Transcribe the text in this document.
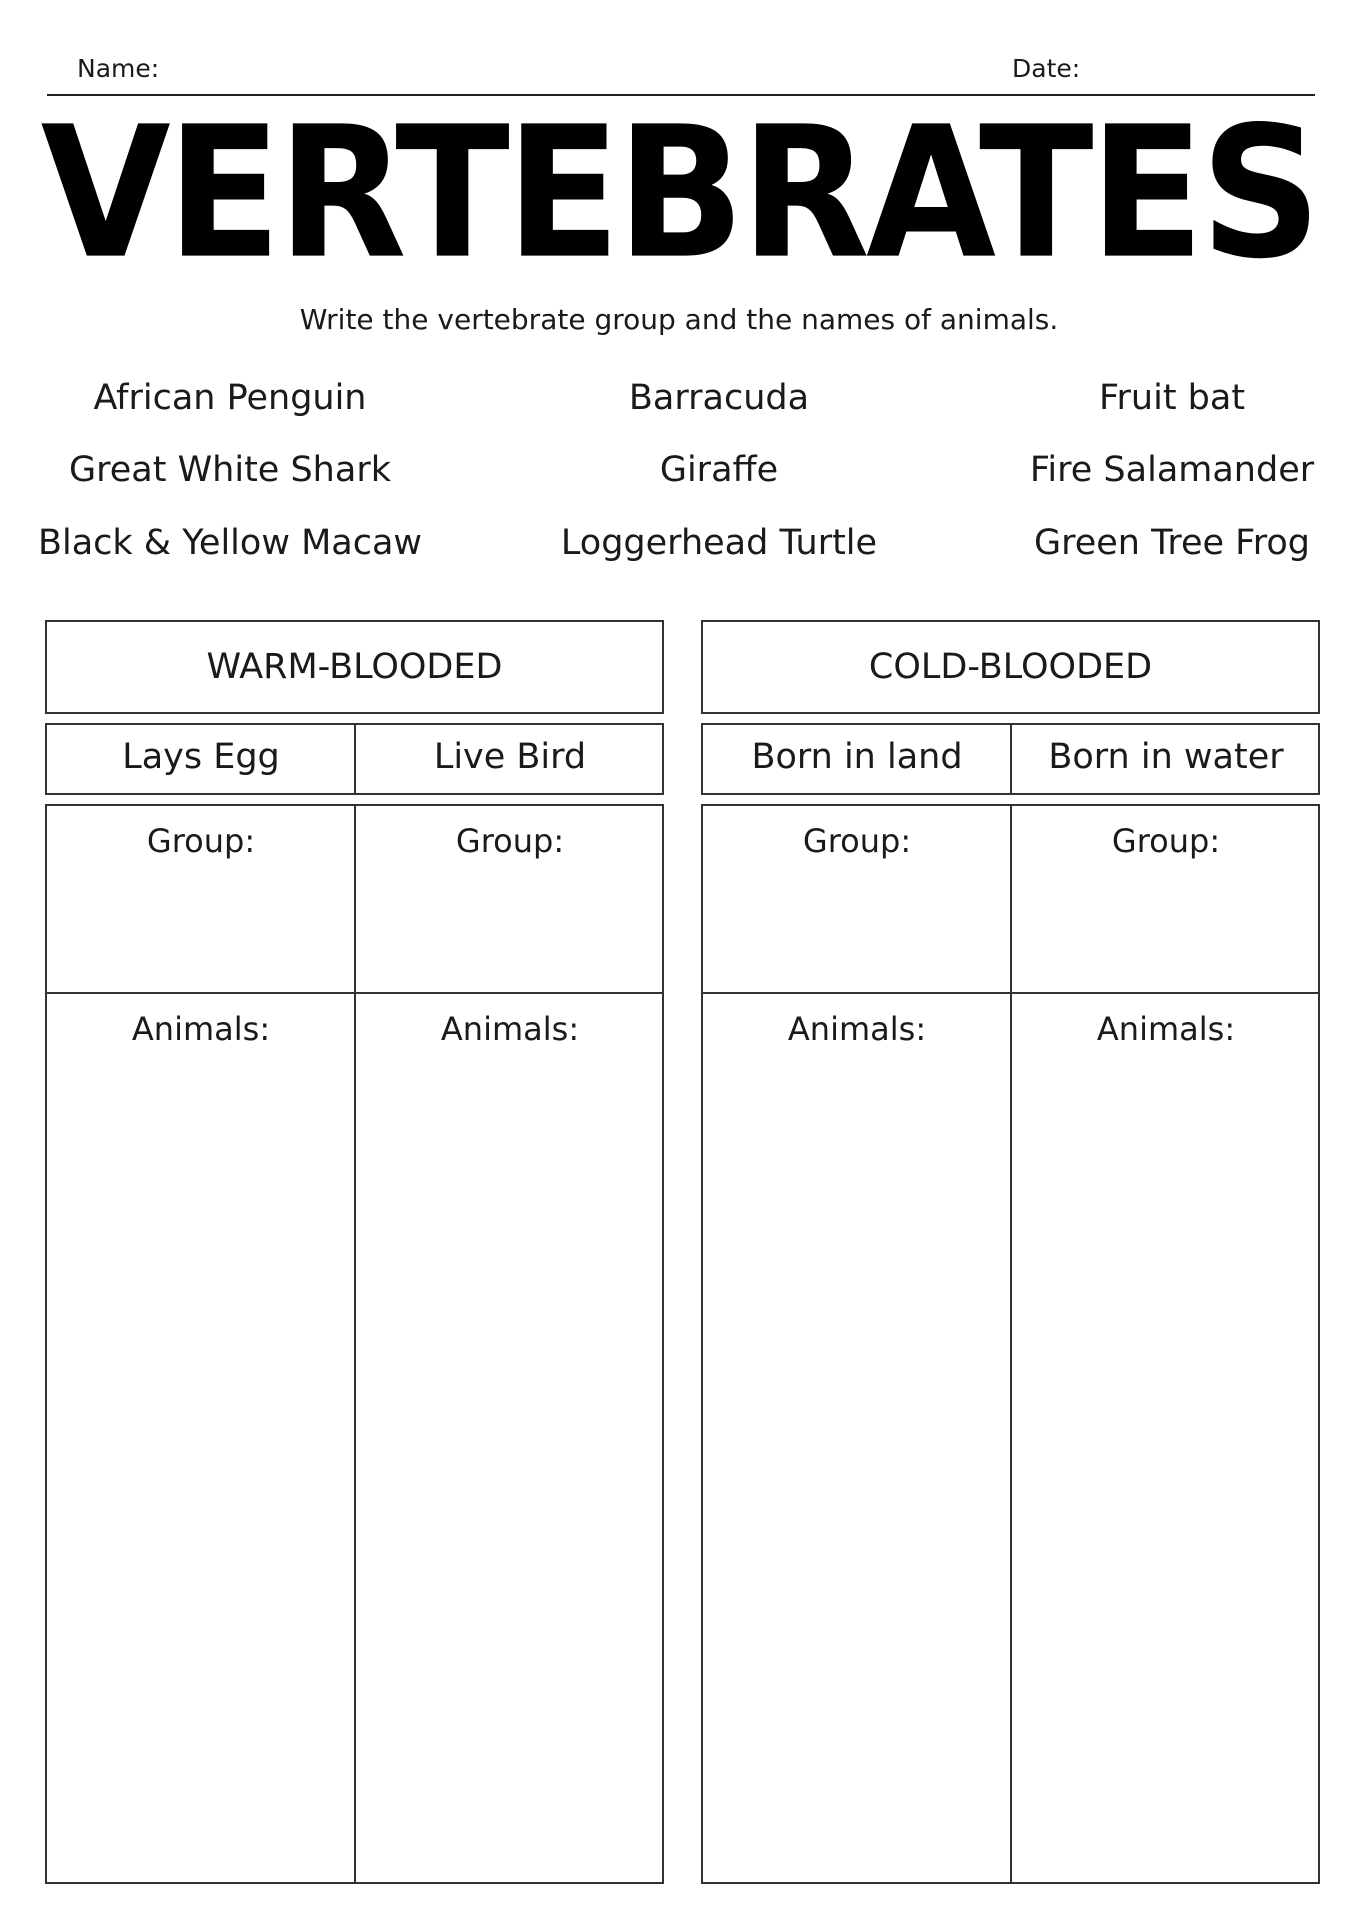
Name:	Date:
VERTEBRATES
Write the vertebrate group and the names of animals.
African Penguin	Barracuda	Fruit bat
Great White Shark	Giraffe	Fire Salamander
Black & Yellow Macaw	Loggerhead Turtle	Green Tree Frog
WARM-BLOODED
Lays Egg	Live Bird
Group:	Group:
Animals:	Animals:
COLD-BLOODED
Born in land	Born in water
Group:	Group:
Animals:	Animals:
